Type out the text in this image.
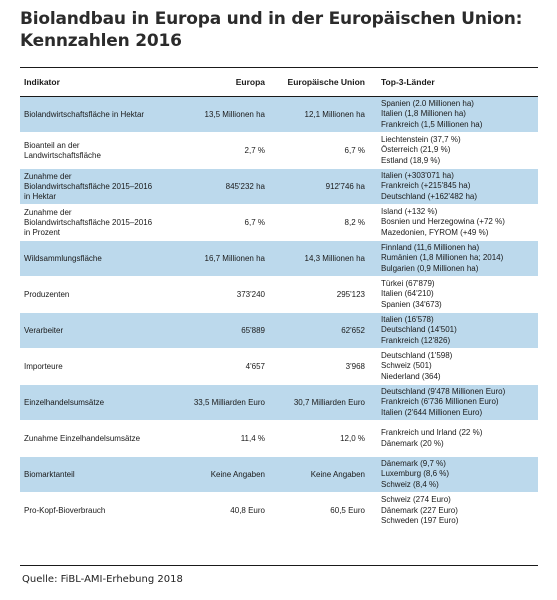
Biolandbau in Europa und in der Europäischen Union: Kennzahlen 2016
Indikator	Europa	Europäische Union	Top-3-Länder
Biolandwirtschaftsfläche in Hektar	13,5 Millionen ha	12,1 Millionen ha	Spanien (2.0 Millionen ha)
Italien (1,8 Millionen ha)
Frankreich (1,5 Millionen ha)

Bioanteil an der Landwirtschaftsfläche	2,7 %	6,7 %	Liechtenstein (37,7 %)
Österreich (21,9 %)
Estland (18,9 %)

Zunahme der Biolandwirtschaftsfläche 2015–2016 in Hektar	845'232 ha	912'746 ha	Italien (+303'071 ha)
Frankreich (+215'845 ha)
Deutschland (+162'482 ha)

Zunahme der Biolandwirtschaftsfläche 2015–2016 in Prozent	6,7 %	8,2 %	Island (+132 %)
Bosnien und Herzegowina (+72 %)
Mazedonien, FYROM (+49 %)

Wildsammlungsfläche	16,7 Millionen ha	14,3 Millionen ha	Finnland (11,6 Millionen ha)
Rumänien (1,8 Millionen ha; 2014)
Bulgarien (0,9 Millionen ha)

Produzenten	373'240	295'123	Türkei (67'879)
Italien (64'210)
Spanien (34'673)

Verarbeiter	65'889	62'652	Italien (16'578)
Deutschland (14'501)
Frankreich (12'826)

Importeure	4'657	3'968	Deutschland (1'598)
Schweiz (501)
Niederland (364)

Einzelhandelsumsätze	33,5 Milliarden Euro	30,7 Milliarden Euro	Deutschland (9'478 Millionen Euro)
Frankreich (6'736 Millionen Euro)
Italien (2'644 Millionen Euro)

Zunahme Einzelhandelsumsätze	11,4 %	12,0 %	Frankreich und Irland (22 %)
Dänemark (20 %)

Biomarktanteil	Keine Angaben	Keine Angaben	Dänemark (9,7 %)
Luxemburg (8,6 %)
Schweiz (8,4 %)

Pro-Kopf-Bioverbrauch	40,8 Euro	60,5 Euro	Schweiz (274 Euro)
Dänemark (227 Euro)
Schweden (197 Euro)
Quelle: FiBL-AMI-Erhebung 2018
